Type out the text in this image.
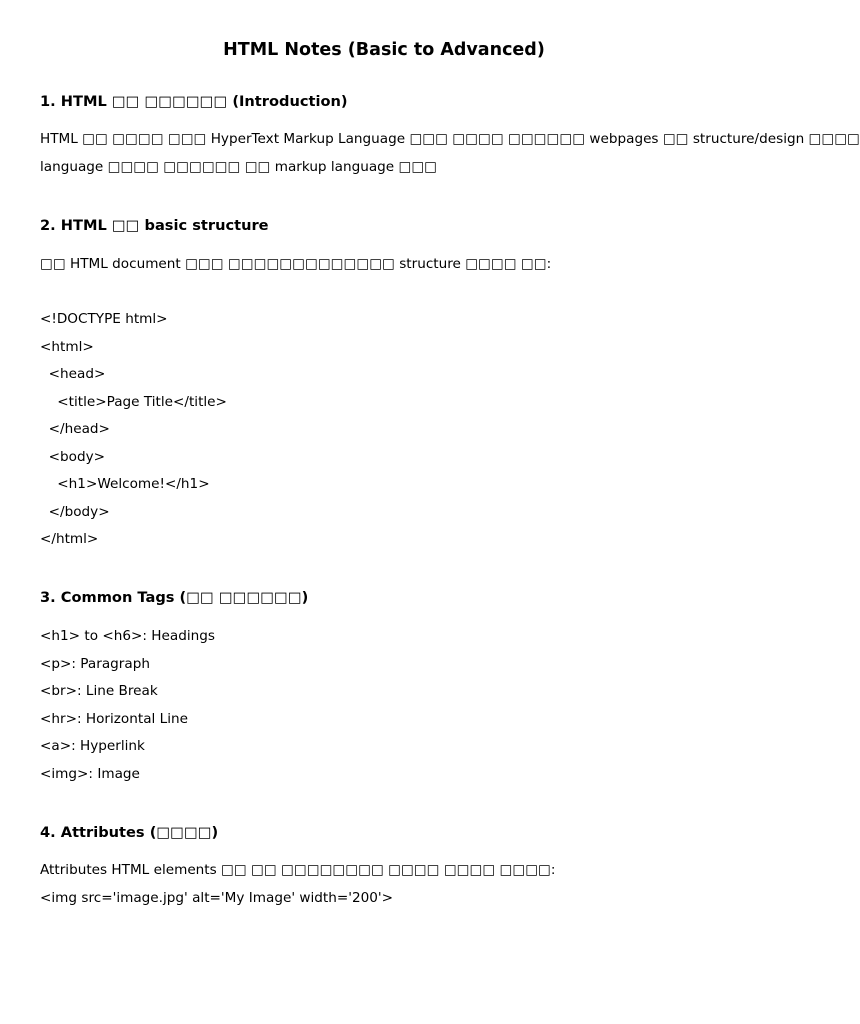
HTML Notes (Basic to Advanced)
1. HTML □□ □□□□□□ (Introduction)
HTML □□ □□□□ □□□ HyperText Markup Language □□□ □□□□ □□□□□□ webpages □□ structure/design □□□□
language □□□□ □□□□□□ □□ markup language □□□
2. HTML □□ basic structure
□□ HTML document □□□ □□□□□□□□□□□□□ structure □□□□ □□:
<!DOCTYPE html>
<html>
<head>
<title>Page Title</title>
</head>
<body>
<h1>Welcome!</h1>
</body>
</html>
3. Common Tags (□□ □□□□□□)
<h1> to <h6>: Headings
<p>: Paragraph
<br>: Line Break
<hr>: Horizontal Line
<a>: Hyperlink
<img>: Image
4. Attributes (□□□□)
Attributes HTML elements □□ □□ □□□□□□□□ □□□□ □□□□ □□□□:
<img src='image.jpg' alt='My Image' width='200'>
